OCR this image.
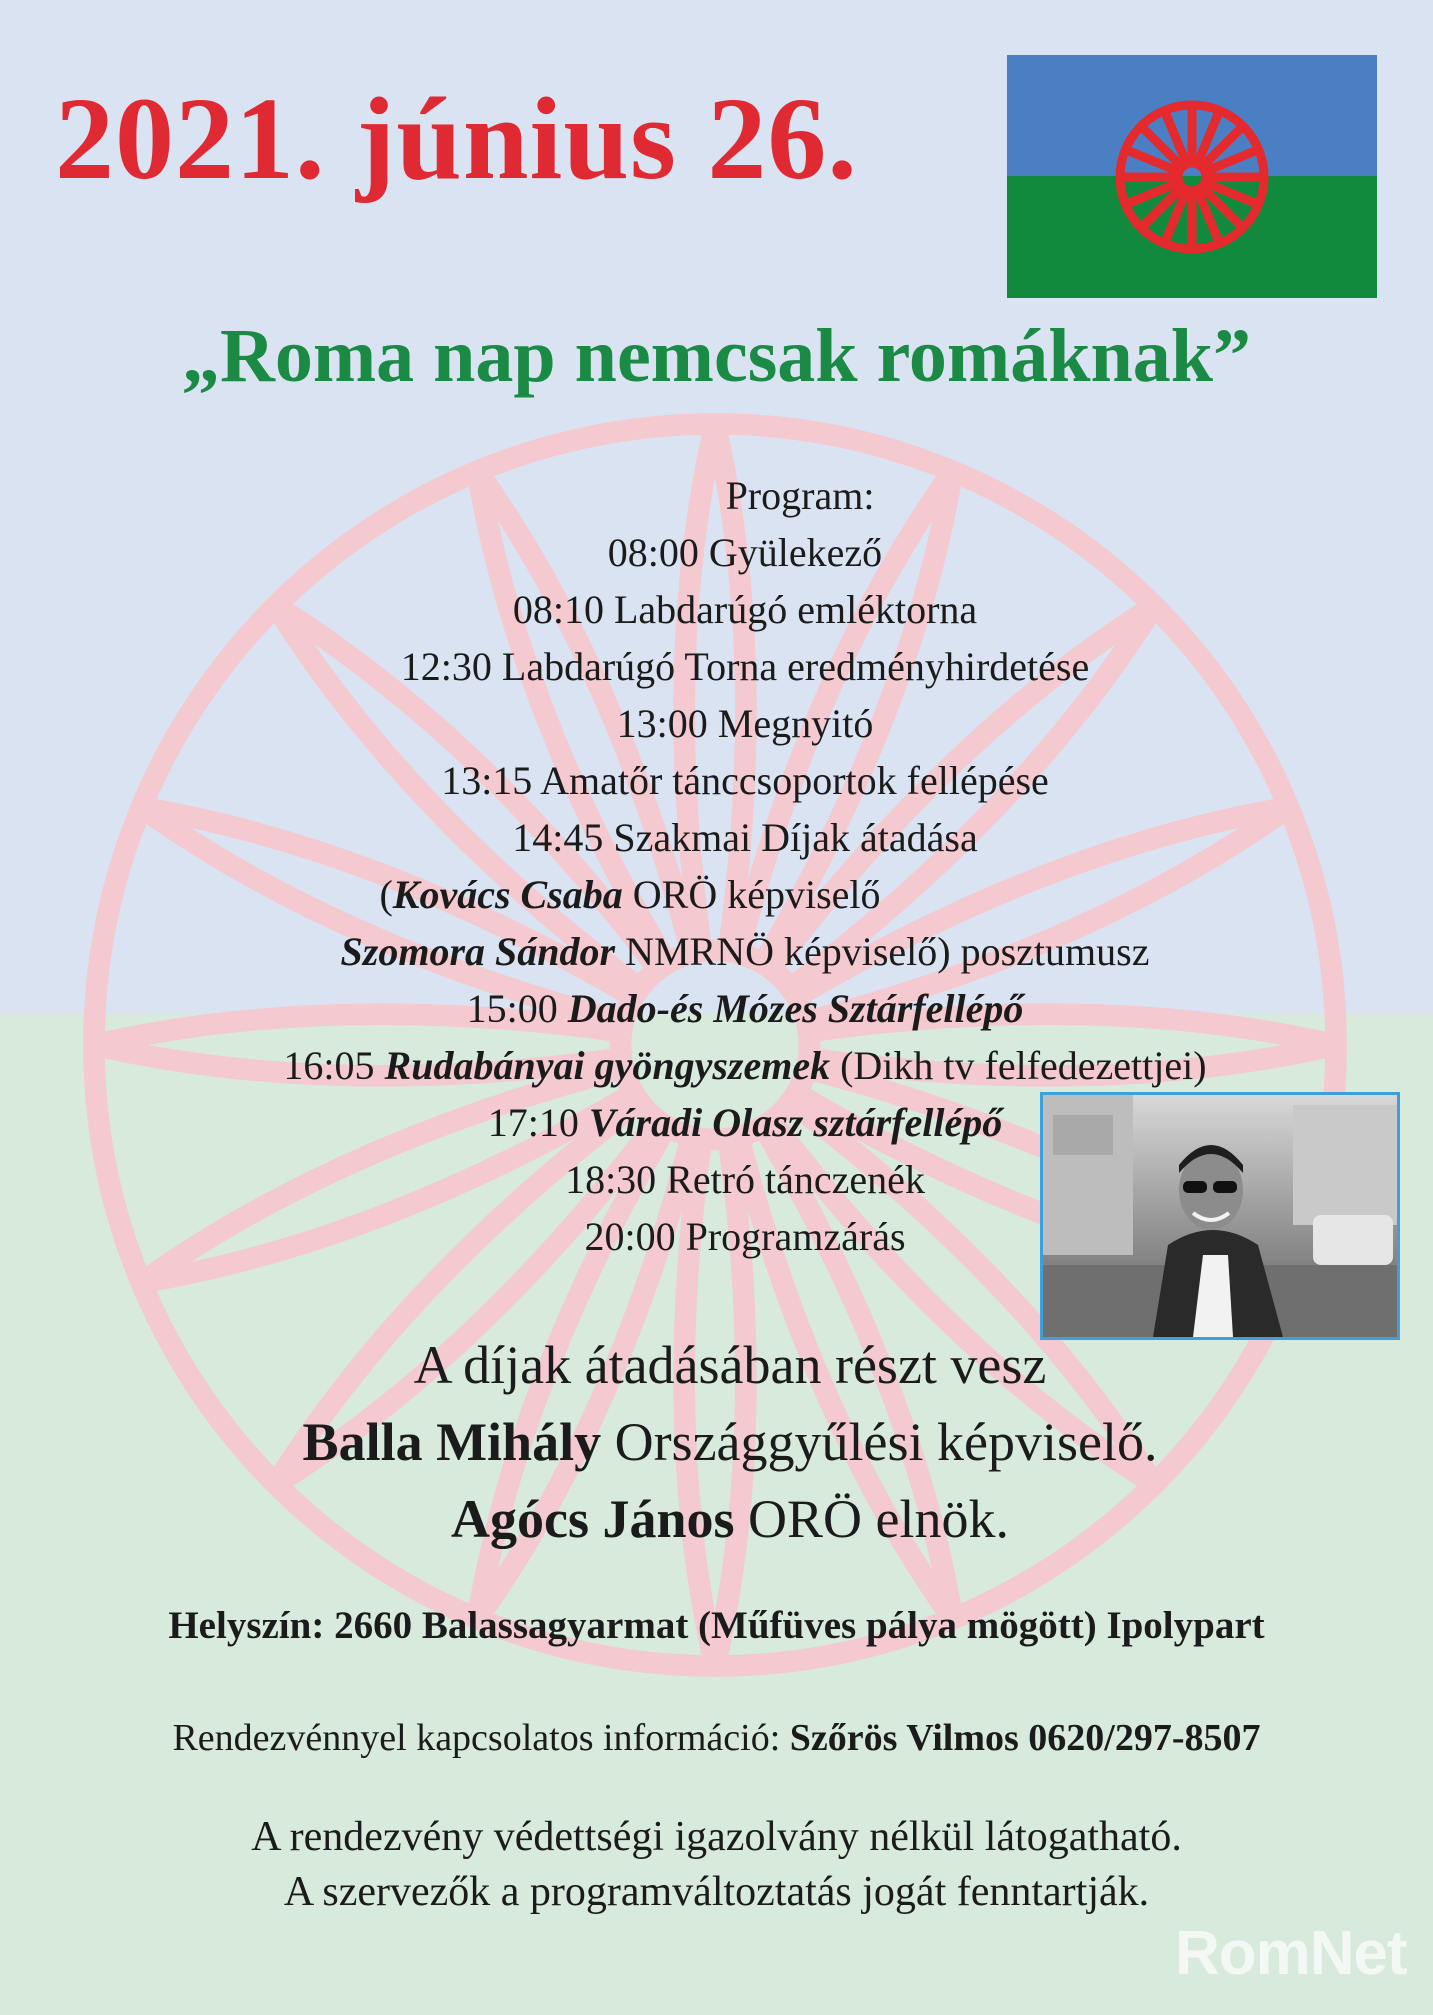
2021. június 26.
„Roma nap nemcsak romáknak”
Program:
08:00 Gyülekező
08:10 Labdarúgó emléktorna
12:30 Labdarúgó Torna eredményhirdetése
13:00 Megnyitó
13:15 Amatőr tánccsoportok fellépése
14:45 Szakmai Díjak átadása
(Kovács Csaba ORÖ képviselő
Szomora Sándor NMRNÖ képviselő) posztumusz
15:00 Dado-és Mózes Sztárfellépő
16:05 Rudabányai gyöngyszemek (Dikh tv felfedezettjei)
17:10 Váradi Olasz sztárfellépő
18:30 Retró tánczenék
20:00 Programzárás
A díjak átadásában részt vesz
Balla Mihály Országgyűlési képviselő.
Agócs János ORÖ elnök.
Helyszín: 2660 Balassagyarmat (Műfüves pálya mögött) Ipolypart
Rendezvénnyel kapcsolatos információ: Szőrös Vilmos 0620/297-8507
A rendezvény védettségi igazolvány nélkül látogatható.
A szervezők a programváltoztatás jogát fenntartják.
RomNet
